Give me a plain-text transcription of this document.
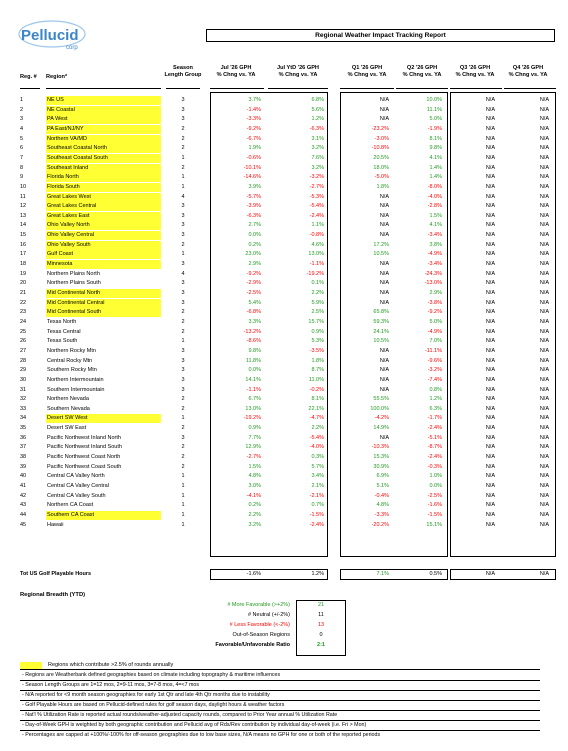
Pellucid
corp
Regional Weather Impact Tracking Report
Reg. # Region*
Season
Length Group
Jul '26 GPH
% Chng vs. YA
Jul YtD '26 GPH
% Chng vs. YA
Q1 '26 GPH
% Chng vs. YA
Q2 '26 GPH
% Chng vs. YA
Q3 '26 GPH
% Chng vs. YA
Q4 '26 GPH
% Chng vs. YA
1	NE US	3	3.7%	6.8%	N/A	10.0%	N/A	N/A
2	NE Coastal	3	-1.4%	5.6%	N/A	11.1%	N/A	N/A
3	PA West	3	-3.3%	1.2%	N/A	5.0%	N/A	N/A
4	PA East/NJ/NY	2	-9.2%	-6.3%	-23.2%	-1.9%	N/A	N/A
5	Northern VA/MD	2	-6.7%	3.1%	-3.0%	8.1%	N/A	N/A
6	Southeast Coastal North	2	1.9%	3.2%	-10.8%	9.8%	N/A	N/A
7	Southeast Coastal South	1	-0.6%	7.6%	20.5%	4.1%	N/A	N/A
8	Southeast Inland	2	-10.1%	3.2%	18.0%	1.4%	N/A	N/A
9	Florida North	1	-14.6%	-3.2%	-5.0%	1.4%	N/A	N/A
10	Florida South	1	3.9%	-2.7%	1.8%	-8.0%	N/A	N/A
11	Great Lakes West	4	-5.7%	-5.3%	N/A	-4.0%	N/A	N/A
12	Great Lakes Central	3	-3.9%	-5.4%	N/A	-2.8%	N/A	N/A
13	Great Lakes East	3	-6.3%	-2.4%	N/A	1.5%	N/A	N/A
14	Ohio Valley North	3	2.7%	1.1%	N/A	4.1%	N/A	N/A
15	Ohio Valley Central	3	0.0%	-0.8%	N/A	-3.4%	N/A	N/A
16	Ohio Valley South	2	0.2%	4.6%	17.2%	3.8%	N/A	N/A
17	Gulf Coast	1	23.0%	13.0%	10.5%	-4.9%	N/A	N/A
18	Minnesota	3	2.9%	-1.1%	N/A	-3.4%	N/A	N/A
19	Northern Plains North	4	-9.2%	-19.2%	N/A	-24.3%	N/A	N/A
20	Northern Plains South	3	-2.9%	0.1%	N/A	-13.0%	N/A	N/A
21	Mid Continental North	3	-2.5%	2.2%	N/A	2.9%	N/A	N/A
22	Mid Continental Central	3	5.4%	5.9%	N/A	-3.8%	N/A	N/A
23	Mid Continental South	2	-6.8%	2.5%	65.8%	-9.2%	N/A	N/A
24	Texas North	2	3.3%	15.7%	59.3%	5.0%	N/A	N/A
25	Texas Central	2	-13.2%	0.9%	24.1%	-4.9%	N/A	N/A
26	Texas South	1	-8.6%	5.3%	10.5%	7.0%	N/A	N/A
27	Northern Rocky Mtn	3	9.8%	-3.5%	N/A	-11.1%	N/A	N/A
28	Central Rocky Mtn	3	11.8%	1.8%	N/A	-9.6%	N/A	N/A
29	Southern Rocky Mtn	3	0.0%	8.7%	N/A	-3.2%	N/A	N/A
30	Northern Intermountain	3	14.1%	11.0%	N/A	-7.4%	N/A	N/A
31	Southern Intermountain	3	-1.1%	-0.2%	N/A	0.8%	N/A	N/A
32	Northern Nevada	2	6.7%	8.1%	55.5%	1.2%	N/A	N/A
33	Southern Nevada	2	13.0%	22.1%	100.0%	6.3%	N/A	N/A
34	Desert SW West	1	-19.2%	-4.7%	-4.2%	-1.7%	N/A	N/A
35	Desert SW East	2	0.9%	2.2%	14.9%	-2.4%	N/A	N/A
36	Pacific Northwest Inland North	3	7.7%	-5.4%	N/A	-5.1%	N/A	N/A
37	Pacific Northwest Inland South	2	12.9%	-4.0%	-10.3%	-8.7%	N/A	N/A
38	Pacific Northwest Coast North	2	-2.7%	0.3%	15.3%	-2.4%	N/A	N/A
39	Pacific Northwest Coast South	2	1.5%	5.7%	30.9%	-0.3%	N/A	N/A
40	Central CA Valley North	1	4.8%	3.4%	6.9%	1.0%	N/A	N/A
41	Central CA Valley Central	1	3.0%	2.1%	5.1%	0.0%	N/A	N/A
42	Central CA Valley South	1	-4.1%	-2.1%	-0.4%	-2.5%	N/A	N/A
43	Northern CA Coast	1	0.2%	0.7%	4.8%	-1.6%	N/A	N/A
44	Southern CA Coast	1	2.2%	-1.5%	-3.3%	-1.5%	N/A	N/A
45	Hawaii	1	3.2%	-2.4%	-20.2%	15.1%	N/A	N/A
Tot US Golf Playable Hours	-1.6%	1.2%	7.1%	0.5%	N/A	N/A
Regional Breadth (YTD)
# More Favorable (>+2%)	21
# Neutral (+/-2%)	11
# Less Favorable (<-2%)	13
Out-of-Season Regions	0
Favorable/Unfavorable Ratio	2:1
Regions which contribute >2.5% of rounds annually
- Regions are Weatherbank defined geographies based on climate including topography & maritime influences
- Season Length Groups are 1=12 mos, 2=9-11 mos, 3=7-8 mos, 4=<7 mos
- N/A reported for <9 month season geographies for early 1st Qtr and late 4th Qtr months due to instability
- Golf Playable Hours are based on Pellucid-defined rules for golf season days, daylight hours & weather factors
- Nat'l % Utilization Rate is reported actual rounds/weather-adjusted capacity rounds, compared to Prior Year annual % Utilization Rate
- Day-of-Week GPH is weighted by both geographic contribution and Pellucid avg of Rds/Rev contribution by individual day-of-week (i.e. Fri > Mon)
- Percentages are capped at +100%/-100% for off-season geographies due to low base sizes, N/A means no GPH for one or both of the reported periods
